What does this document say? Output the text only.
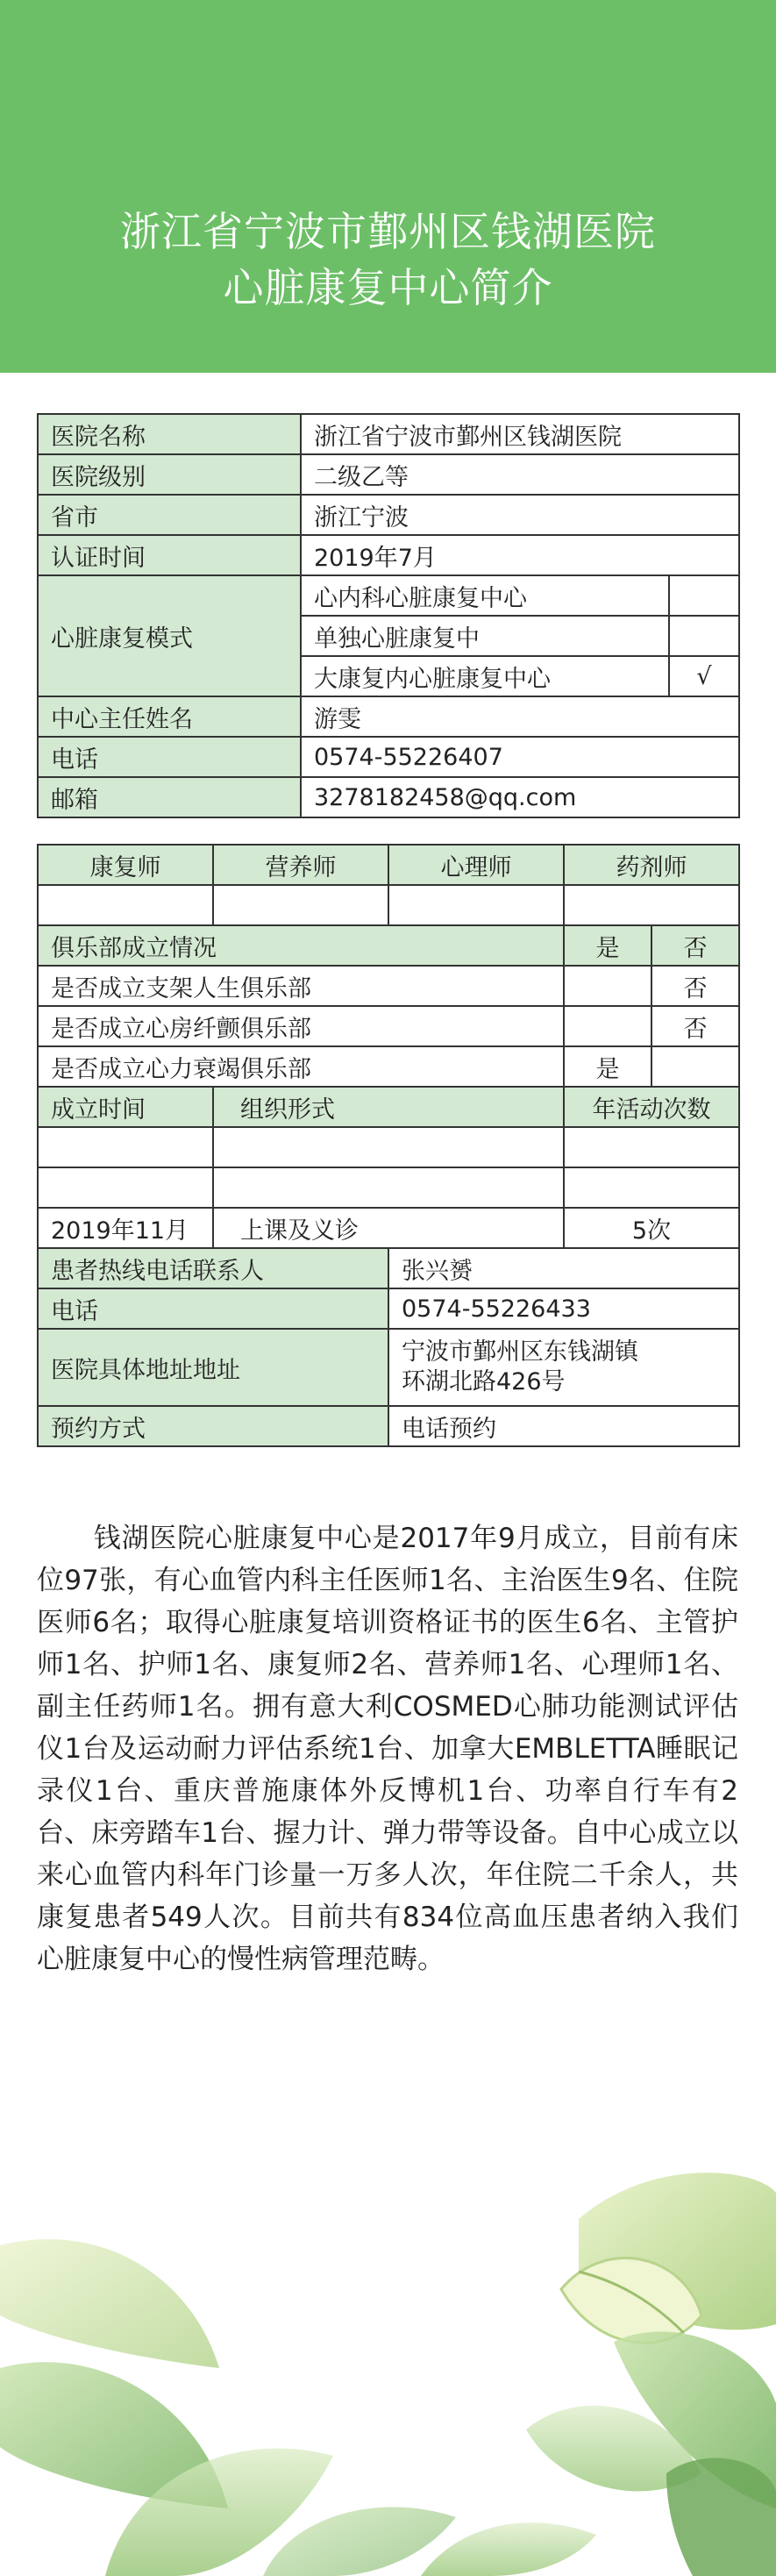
浙江省宁波市鄞州区钱湖医院
心脏康复中心简介
医院名称	浙江省宁波市鄞州区钱湖医院	
医院级别	二级乙等	
省市	浙江宁波	
认证时间	2019年7月	
心脏康复模式	心内科心脏康复中心	
	单独心脏康复中	
	大康复内心脏康复中心	√
中心主任姓名	游雯	
电话	0574-55226407	
邮箱	3278182458@qq.com	
康复师	营养师	心理师	药剂师	

俱乐部成立情况			是	否
是否成立支架人生俱乐部				否
是否成立心房纤颤俱乐部				否
是否成立心力衰竭俱乐部			是	
成立时间	组织形式		年活动次数	

2019年11月	上课及义诊		5次	
患者热线电话联系人		张兴赟		
电话		0574-55226433		
医院具体地址地址		宁波市鄞州区东钱湖镇
环湖北路426号		

预约方式		电话预约		
钱湖医院心脏康复中心是2017年9月成立，目前有床位97张，有心血管内科主任医师1名、主治医生9名、住院医师6名；取得心脏康复培训资格证书的医生6名、主管护师1名、护师1名、康复师2名、营养师1名、心理师1名、副主任药师1名。拥有意大利COSMED心肺功能测试评估仪1台及运动耐力评估系统1台、加拿大EMBLETTA睡眠记录仪1台、重庆普施康体外反博机1台、功率自行车有2台、床旁踏车1台、握力计、弹力带等设备。自中心成立以来心血管内科年门诊量一万多人次，年住院二千余人，共康复患者549人次。目前共有834位高血压患者纳入我们心脏康复中心的慢性病管理范畴。
